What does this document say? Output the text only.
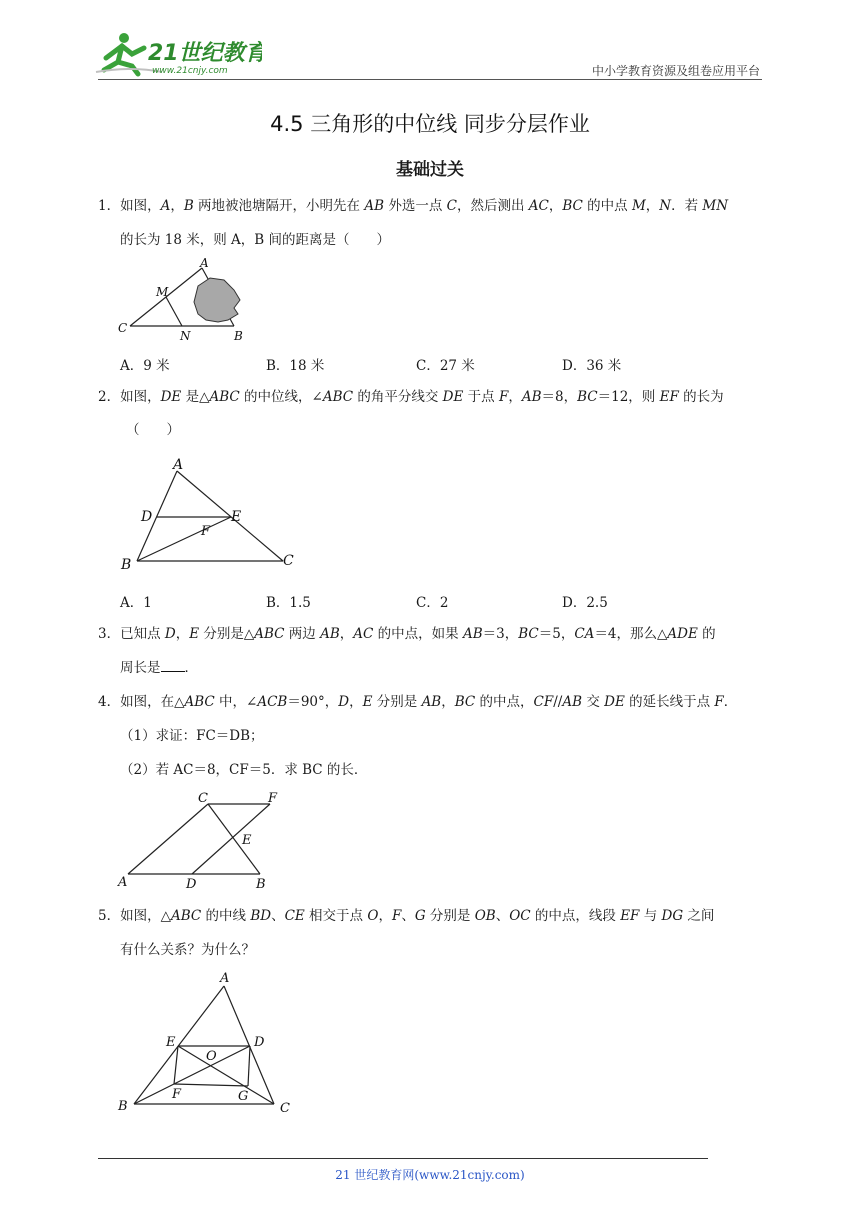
21世纪教育
www.21cnjy.com	中小学教育资源及组卷应用平台
4.5 三角形的中位线 同步分层作业
基础过关
1．如图，A，B 两地被池塘隔开，小明先在 AB 外选一点 C，然后测出 AC，BC 的中点 M，N．若 MN
的长为 18 米，则 A，B 间的距离是（　　）
A
M
C
N	B
A．9 米	B．18 米	C．27 米	D．36 米
2．如图，DE 是△ABC 的中位线，∠ABC 的角平分线交 DE 于点 F，AB＝8，BC＝12，则 EF 的长为
（　　）
A
D	E
F
B	C
A．1	B．1.5	C．2	D．2.5
3．已知点 D，E 分别是△ABC 两边 AB，AC 的中点，如果 AB＝3，BC＝5，CA＝4，那么△ADE 的
周长是 ．
4．如图，在△ABC 中，∠ACB＝90°，D，E 分别是 AB，BC 的中点，CF//AB 交 DE 的延长线于点 F．
（1）求证：FC＝DB；
（2）若 AC＝8，CF＝5．求 BC 的长．
C	F
E
A	D	B
5．如图，△ABC 的中线 BD、CE 相交于点 O，F、G 分别是 OB、OC 的中点，线段 EF 与 DG 之间
有什么关系？为什么？
A
E	D
O
F	G
B	C
21 世纪教育网(www.21cnjy.com)
